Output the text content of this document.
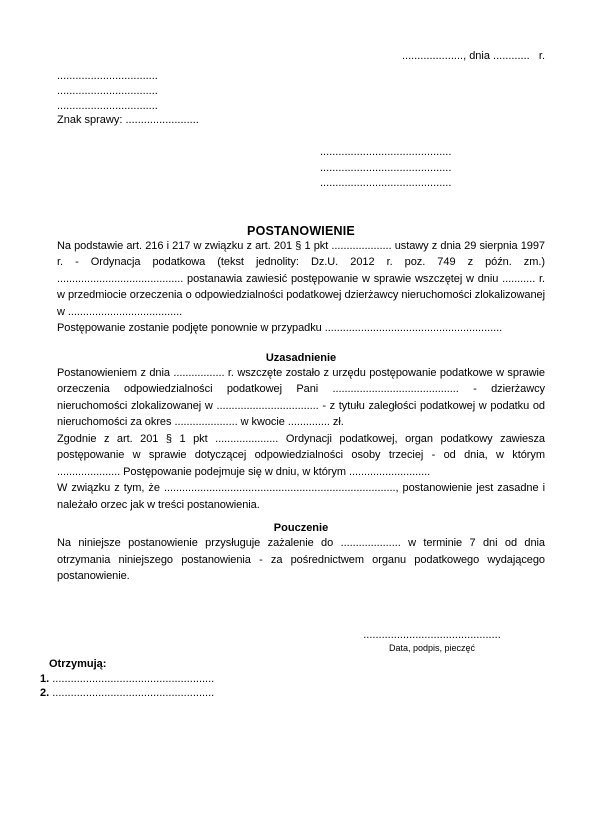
...................., dnia ............   r.
.................................
.................................
.................................
Znak sprawy: ........................
...........................................
...........................................
...........................................
POSTANOWIENIE

Na podstawie art. 216 i 217 w związku z art. 201 § 1 pkt .................... ustawy z dnia 29 sierpnia 1997 r. - Ordynacja podatkowa (tekst jednolity: Dz.U. 2012 r. poz. 749 z późn. zm.) .......................................... postanawia zawiesić postępowanie w sprawie wszczętej w dniu ........... r. w przedmiocie orzeczenia o odpowiedzialności podatkowej dzierżawcy nieruchomości zlokalizowanej w ......................................

Postępowanie zostanie podjęte ponownie w przypadku ...........................................................

Uzasadnienie

Postanowieniem z dnia ................. r. wszczęte zostało z urzędu postępowanie podatkowe w sprawie orzeczenia odpowiedzialności podatkowej Pani .......................................... - dzierżawcy nieruchomości zlokalizowanej w .................................. - z tytułu zaległości podatkowej w podatku od nieruchomości za okres ..................... w kwocie .............. zł.

Zgodnie z art. 201 § 1 pkt ..................... Ordynacji podatkowej, organ podatkowy zawiesza postępowanie w sprawie dotyczącej odpowiedzialności osoby trzeciej - od dnia, w którym ..................... Postępowanie podejmuje się w dniu, w którym ...........................

W związku z tym, że ............................................................................., postanowienie jest zasadne i należało orzec jak w treści postanowienia.

Pouczenie

Na niniejsze postanowienie przysługuje zażalenie do .................... w terminie 7 dni od dnia otrzymania niniejszego postanowienia - za pośrednictwem organu podatkowego wydającego postanowienie.

.............................................
Data, podpis, pieczęć
Otrzymują:
1. .....................................................
2. .....................................................
